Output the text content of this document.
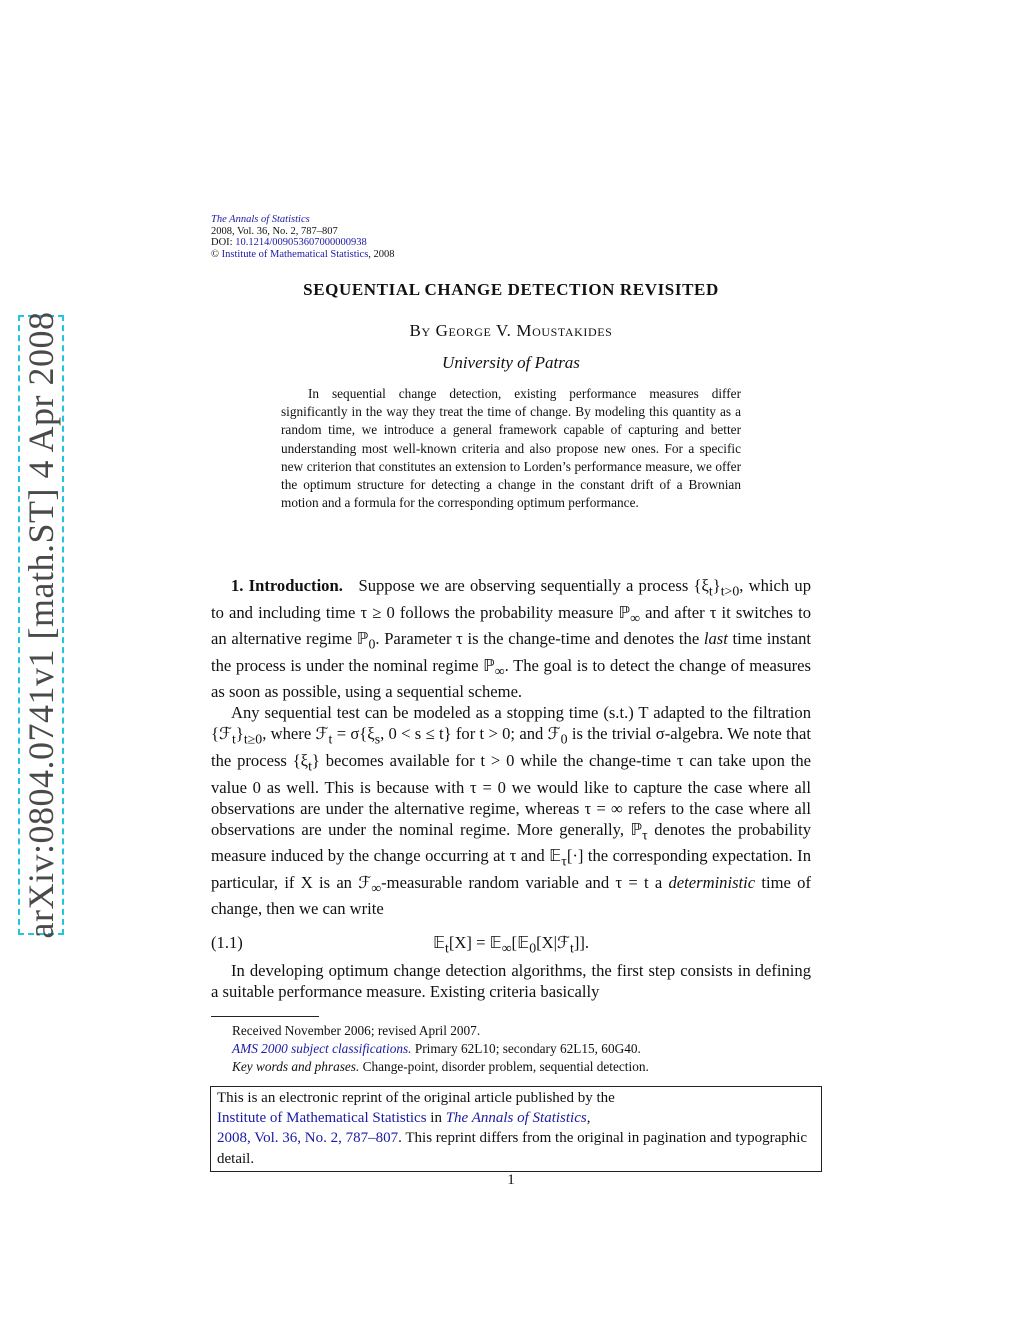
arXiv:0804.0741v1 [math.ST] 4 Apr 2008
The Annals of Statistics
2008, Vol. 36, No. 2, 787–807
DOI: 10.1214/009053607000000938
© Institute of Mathematical Statistics, 2008
SEQUENTIAL CHANGE DETECTION REVISITED
By George V. Moustakides
University of Patras
In sequential change detection, existing performance measures differ significantly in the way they treat the time of change. By modeling this quantity as a random time, we introduce a general framework capable of capturing and better understanding most well-known criteria and also propose new ones. For a specific new criterion that constitutes an extension to Lorden’s performance measure, we offer the optimum structure for detecting a change in the constant drift of a Brownian motion and a formula for the corresponding optimum performance.

1. Introduction. Suppose we are observing sequentially a process $\{\xi_t\}_{t>0}$, which up to and including time τ ≥ 0 follows the probability measure ℙ$_\infty$ and after τ it switches to an alternative regime ℙ$_0$. Parameter τ is the change-time and denotes the last time instant the process is under the nominal regime ℙ$_\infty$. The goal is to detect the change of measures as soon as possible, using a sequential scheme.

Any sequential test can be modeled as a stopping time (s.t.) T adapted to the filtration $\{ℱ_t\}_{t\ge 0}$, where ℱ$_t$ = $\sigma\{\xi_s$, 0 < s ≤ t} for t > 0; and ℱ$_0$ is the trivial σ-algebra. We note that the process $\{\xi_t\}$ becomes available for t > 0 while the change-time τ can take upon the value 0 as well. This is because with τ = 0 we would like to capture the case where all observations are under the alternative regime, whereas τ = ∞ refers to the case where all observations are under the nominal regime. More generally, ℙ$_\tau$ denotes the probability measure induced by the change occurring at τ and 𝔼$_\tau$[·] the corresponding expectation. In particular, if X is an ℱ$_\infty$-measurable random variable and τ = t a deterministic time of change, then we can write

(1.1)	𝔼$_t$[X] = 𝔼$_\infty$[𝔼$_0$[X|ℱ$_t$]].

In developing optimum change detection algorithms, the first step consists in defining a suitable performance measure. Existing criteria basically

Received November 2006; revised April 2007.
AMS 2000 subject classifications. Primary 62L10; secondary 62L15, 60G40.
Key words and phrases. Change-point, disorder problem, sequential detection.
This is an electronic reprint of the original article published by the
Institute of Mathematical Statistics in The Annals of Statistics,
2008, Vol. 36, No. 2, 787–807. This reprint differs from the original in pagination and typographic detail.
1
